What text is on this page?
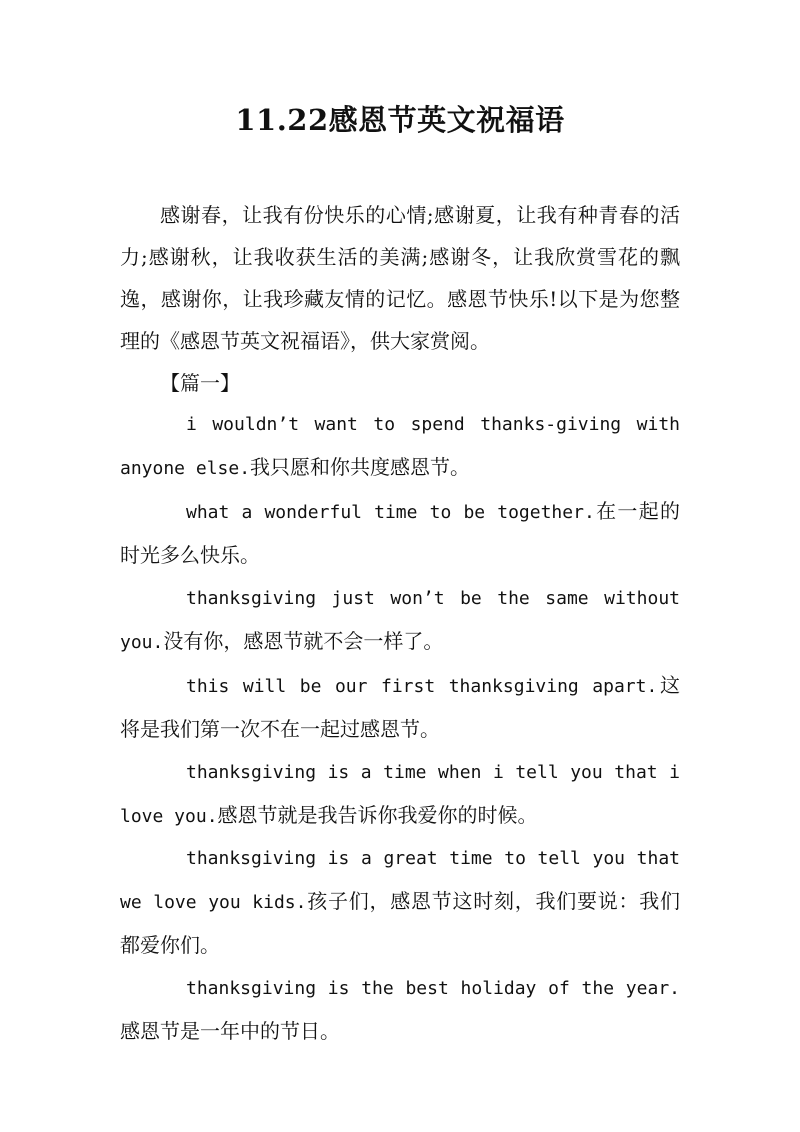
11.22感恩节英文祝福语

感谢春，让我有份快乐的心情;感谢夏，让我有种青春的活力;感谢秋，让我收获生活的美满;感谢冬，让我欣赏雪花的飘逸，感谢你，让我珍藏友情的记忆。感恩节快乐!以下是为您整理的《感恩节英文祝福语》，供大家赏阅。

【篇一】

i wouldn’t want to spend thanks-giving with anyone else.我只愿和你共度感恩节。

what a wonderful time to be together.在一起的时光多么快乐。

thanksgiving just won’t be the same without you.没有你，感恩节就不会一样了。

this will be our first thanksgiving apart.这将是我们第一次不在一起过感恩节。

thanksgiving is a time when i tell you that i love you.感恩节就是我告诉你我爱你的时候。

thanksgiving is a great time to tell you that we love you kids.孩子们，感恩节这时刻，我们要说：我们都爱你们。

thanksgiving is the best holiday of the year.感恩节是一年中的节日。
